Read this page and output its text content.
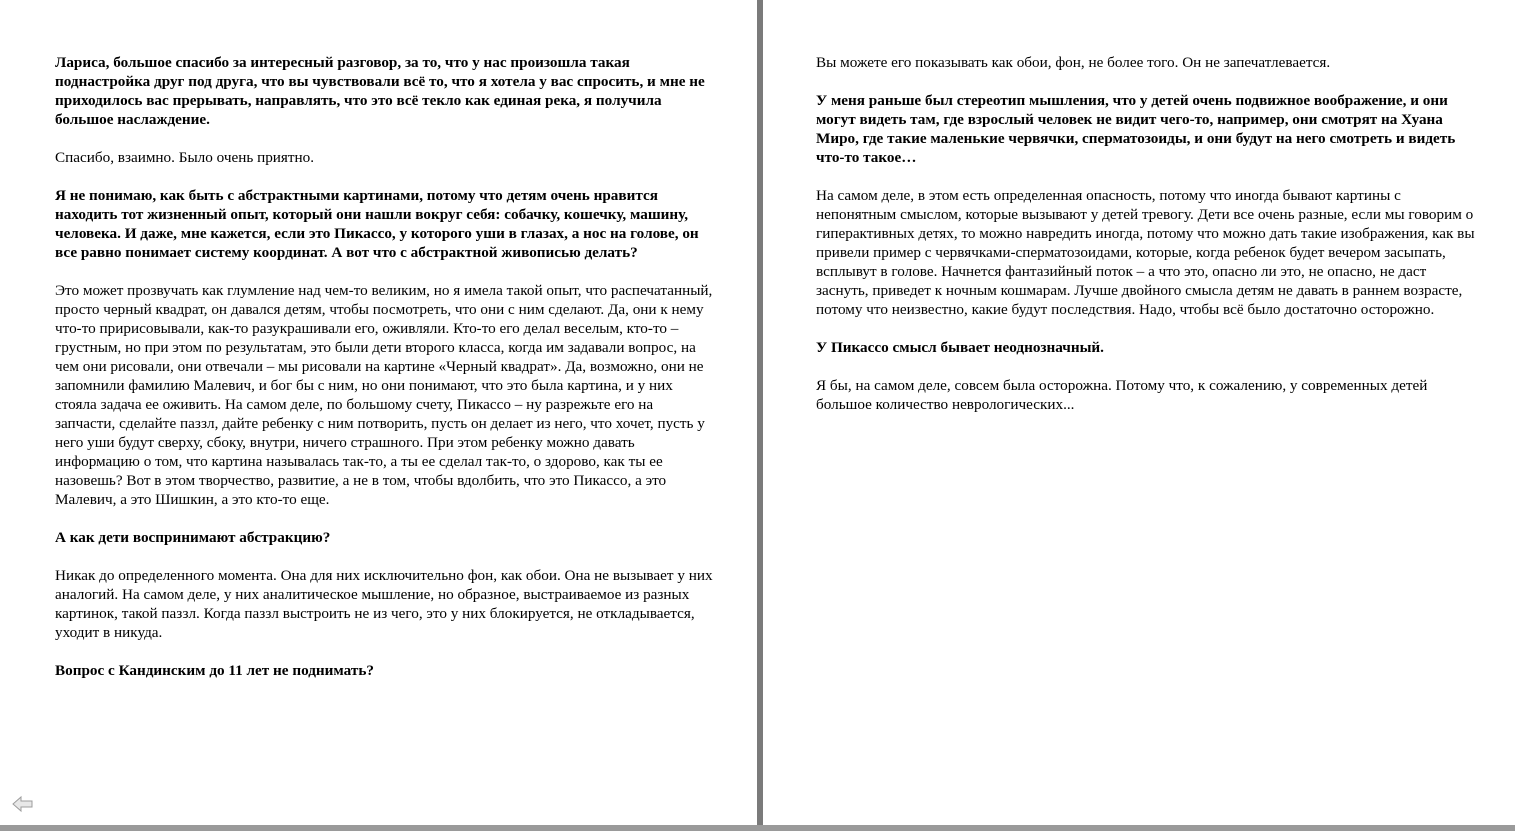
Лариса, большое спасибо за интересный разговор, за то, что у нас произошла такая поднастройка друг под друга, что вы чувствовали всё то, что я хотела у вас спросить, и мне не приходилось вас прерывать, направлять, что это всё текло как единая река, я получила большое наслаждение.

Спасибо, взаимно. Было очень приятно.

Я не понимаю, как быть с абстрактными картинами, потому что детям очень нравится находить тот жизненный опыт, который они нашли вокруг себя: собачку, кошечку, машину, человека. И даже, мне кажется, если это Пикассо, у которого уши в глазах, а нос на голове, он все равно понимает систему координат. А вот что с абстрактной живописью делать?

Это может прозвучать как глумление над чем-то великим, но я имела такой опыт, что распечатанный, просто черный квадрат, он давался детям, чтобы посмотреть, что они с ним сделают. Да, они к нему что-то пририсовывали, как-то разукрашивали его, оживляли. Кто-то его делал веселым, кто-то – грустным, но при этом по результатам, это были дети второго класса, когда им задавали вопрос, на чем они рисовали, они отвечали – мы рисовали на картине «Черный квадрат». Да, возможно, они не запомнили фамилию Малевич, и бог бы с ним, но они понимают, что это была картина, и у них стояла задача ее оживить. На самом деле, по большому счету, Пикассо – ну разрежьте его на запчасти, сделайте паззл, дайте ребенку с ним потворить, пусть он делает из него, что хочет, пусть у него уши будут сверху, сбоку, внутри, ничего страшного. При этом ребенку можно давать информацию о том, что картина называлась так-то, а ты ее сделал так-то, о здорово, как ты ее назовешь? Вот в этом творчество, развитие, а не в том, чтобы вдолбить, что это Пикассо, а это Малевич, а это Шишкин, а это кто-то еще.

А как дети воспринимают абстракцию?

Никак до определенного момента. Она для них исключительно фон, как обои. Она не вызывает у них аналогий. На самом деле, у них аналитическое мышление, но образное, выстраиваемое из разных картинок, такой паззл. Когда паззл выстроить не из чего, это у них блокируется, не откладывается, уходит в никуда.

Вопрос с Кандинским до 11 лет не поднимать?

Вы можете его показывать как обои, фон, не более того. Он не запечатлевается.

У меня раньше был стереотип мышления, что у детей очень подвижное воображение, и они могут видеть там, где взрослый человек не видит чего-то, например, они смотрят на Хуана Миро, где такие маленькие червячки, сперматозоиды, и они будут на него смотреть и видеть что-то такое…

На самом деле, в этом есть определенная опасность, потому что иногда бывают картины с непонятным смыслом, которые вызывают у детей тревогу. Дети все очень разные, если мы говорим о гиперактивных детях, то можно навредить иногда, потому что можно дать такие изображения, как вы привели пример с червячками-сперматозоидами, которые, когда ребенок будет вечером засыпать, всплывут в голове. Начнется фантазийный поток – а что это, опасно ли это, не опасно, не даст заснуть, приведет к ночным кошмарам. Лучше двойного смысла детям не давать в раннем возрасте, потому что неизвестно, какие будут последствия. Надо, чтобы всё было достаточно осторожно.

У Пикассо смысл бывает неоднозначный.

Я бы, на самом деле, совсем была осторожна. Потому что, к сожалению, у современных детей большое количество неврологических...
